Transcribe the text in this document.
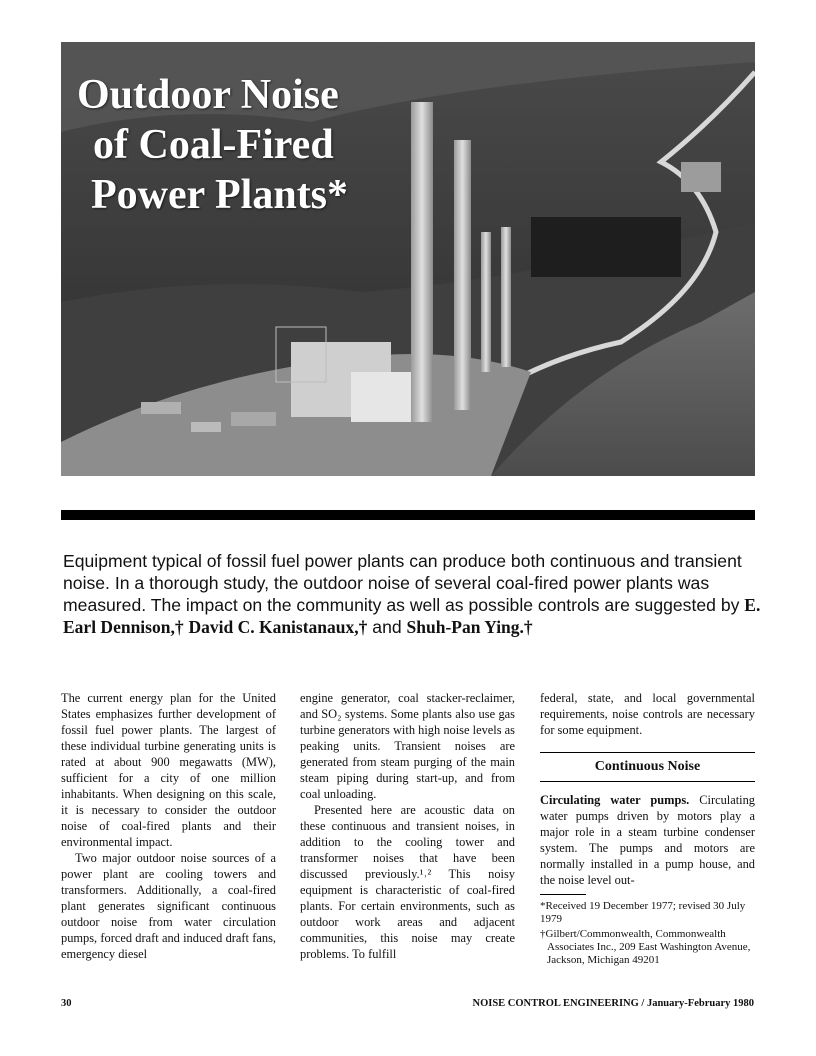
Outdoor Noise
of Coal-Fired
Power Plants*

Equipment typical of fossil fuel power plants can produce both continuous and transient noise. In a thorough study, the outdoor noise of several coal-fired power plants was measured. The impact on the community as well as possible controls are suggested by E. Earl Dennison,† David C. Kanistanaux,† and Shuh-Pan Ying.†

The current energy plan for the United States emphasizes further development of fossil fuel power plants. The largest of these individual turbine generating units is rated at about 900 megawatts (MW), sufficient for a city of one million inhabitants. When designing on this scale, it is necessary to consider the outdoor noise of coal-fired plants and their environmental impact.

Two major outdoor noise sources of a power plant are cooling towers and transformers. Additionally, a coal-fired plant generates significant continuous outdoor noise from water circulation pumps, forced draft and induced draft fans, emergency diesel

engine generator, coal stacker-reclaimer, and SO₂ systems. Some plants also use gas turbine generators with high noise levels as peaking units. Transient noises are generated from steam purging of the main steam piping during start-up, and from coal unloading.

Presented here are acoustic data on these continuous and transient noises, in addition to the cooling tower and transformer noises that have been discussed previously.¹˒² This noisy equipment is characteristic of coal-fired plants. For certain environments, such as outdoor work areas and adjacent communities, this noise may create problems. To fulfill

federal, state, and local governmental requirements, noise controls are necessary for some equipment.

Continuous Noise

Circulating water pumps. Circulating water pumps driven by motors play a major role in a steam turbine condenser system. The pumps and motors are normally installed in a pump house, and the noise level out-

*Received 19 December 1977; revised 30 July 1979

†Gilbert/Commonwealth, Commonwealth Associates Inc., 209 East Washington Avenue, Jackson, Michigan 49201

30	NOISE CONTROL ENGINEERING / January-February 1980
